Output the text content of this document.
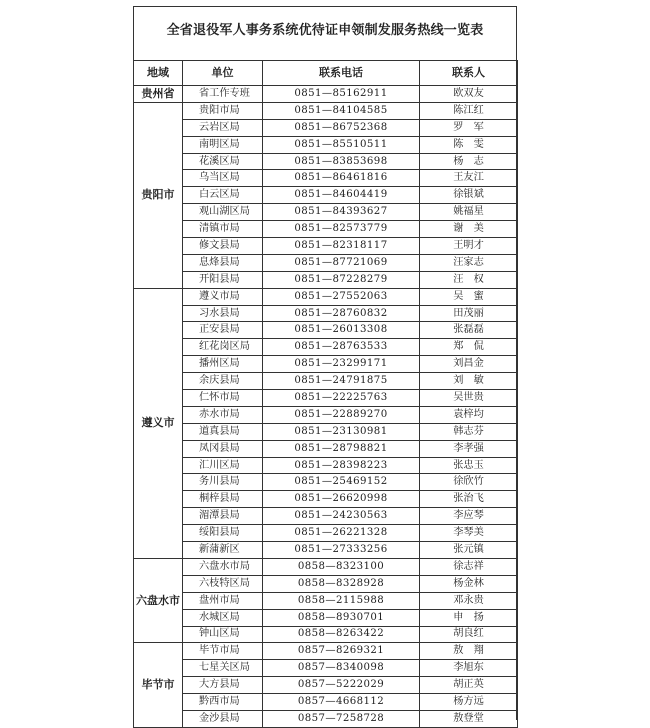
全省退役军人事务系统优待证申领制发服务热线一览表
地域	单位	联系电话	联系人
贵州省	省工作专班	0851—85162911	欧双友
贵阳市	贵阳市局	0851—84104585	陈江红
	云岩区局	0851—86752368	罗　军
	南明区局	0851—85510511	陈　雯
	花溪区局	0851—83853698	杨　志
	乌当区局	0851—86461816	王友江
	白云区局	0851—84604419	徐银斌
	观山湖区局	0851—84393627	姚福星
	清镇市局	0851—82573779	谢　美
	修文县局	0851—82318117	王明才
	息烽县局	0851—87721069	汪家志
	开阳县局	0851—87228279	汪　权
遵义市	遵义市局	0851—27552063	吴　蜜
	习水县局	0851—28760832	田茂丽
	正安县局	0851—26013308	张磊磊
	红花岗区局	0851—28763533	郑　侃
	播州区局	0851—23299171	刘昌金
	余庆县局	0851—24791875	刘　敏
	仁怀市局	0851—22225763	吴世贵
	赤水市局	0851—22889270	袁梓均
	道真县局	0851—23130981	韩志芬
	凤冈县局	0851—28798821	李孝强
	汇川区局	0851—28398223	张忠玉
	务川县局	0851—25469152	徐欣竹
	桐梓县局	0851—26620998	张治飞
	湄潭县局	0851—24230563	李应琴
	绥阳县局	0851—26221328	李琴美
	新蒲新区	0851—27333256	张元镇
六盘水市	六盘水市局	0858—8323100	徐志祥
	六枝特区局	0858—8328928	杨金林
	盘州市局	0858—2115988	邓永贵
	水城区局	0858—8930701	申　扬
	钟山区局	0858—8263422	胡良红
毕节市	毕节市局	0857—8269321	敖　翔
	七星关区局	0857—8340098	李旭东
	大方县局	0857—5222029	胡正英
	黔西市局	0857—4668112	杨方远
	金沙县局	0857—7258728	敖登堂
